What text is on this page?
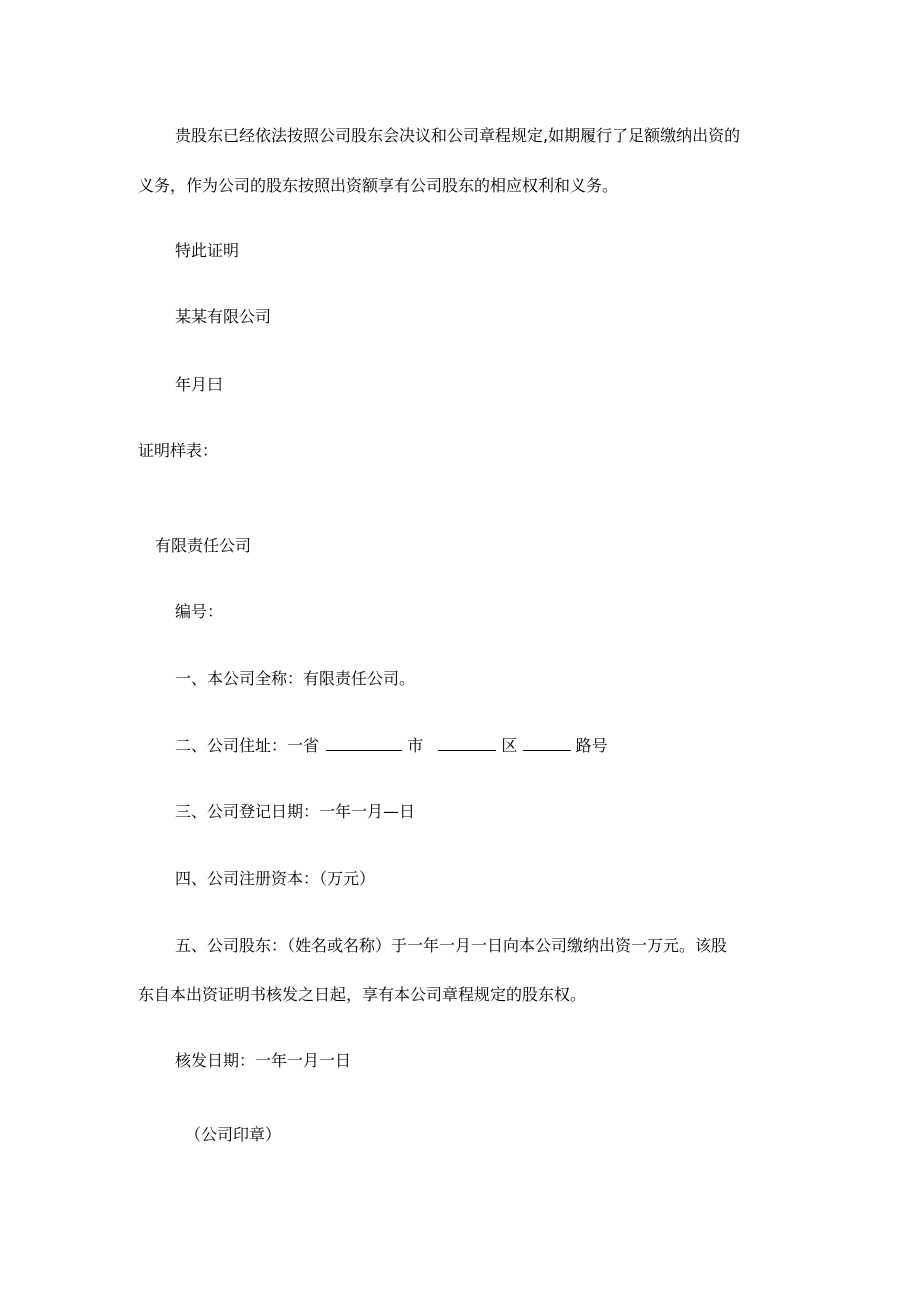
贵股东已经依法按照公司股东会决议和公司章程规定,如期履行了足额缴纳出资的
义务，作为公司的股东按照出资额享有公司股东的相应权利和义务。
特此证明
某某有限公司
年月曰
证明样表：
有限责任公司
编号：
一、本公司全称：有限责任公司。
二、公司住址：一省	市	区	路号
三、公司登记日期：一年一月—日
四、公司注册资本：（万元）
五、公司股东：（姓名或名称）于一年一月一日向本公司缴纳出资一万元。该股
东自本出资证明书核发之日起，享有本公司章程规定的股东权。
核发日期：一年一月一日
（公司印章）
